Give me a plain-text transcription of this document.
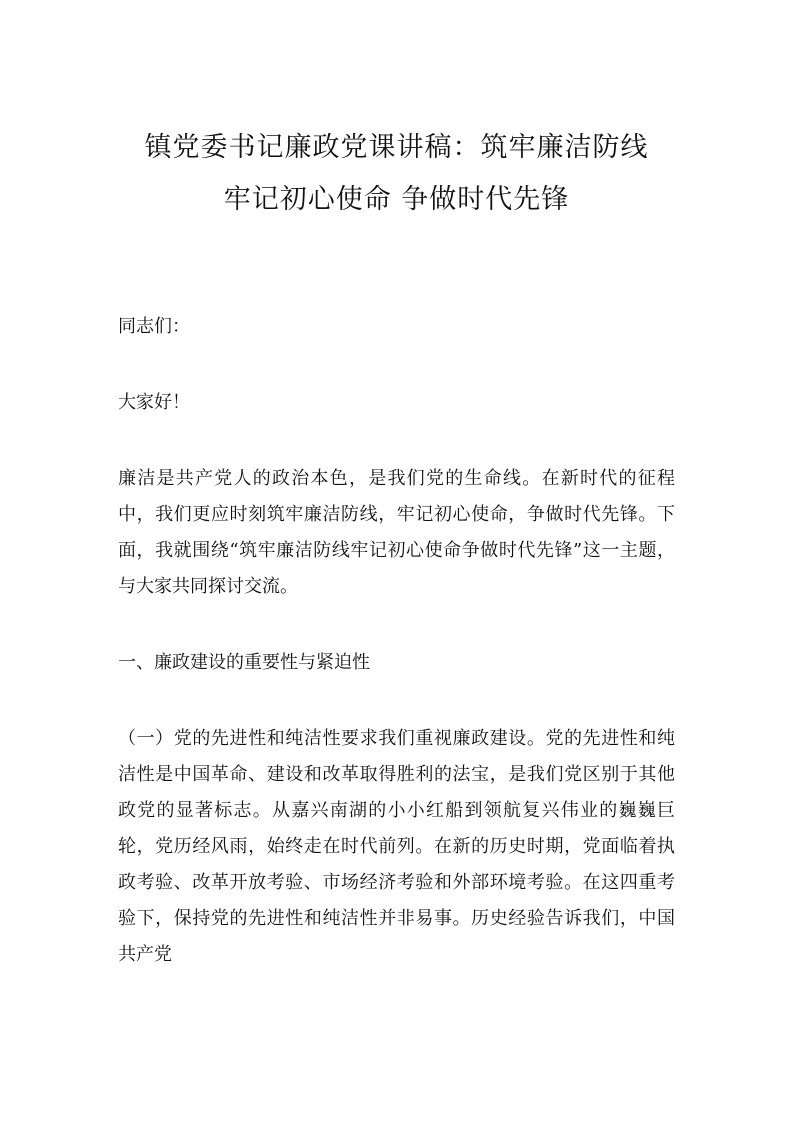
镇党委书记廉政党课讲稿：筑牢廉洁防线
牢记初心使命 争做时代先锋

同志们：

大家好！

廉洁是共产党人的政治本色，是我们党的生命线。在新时代的征程中，我们更应时刻筑牢廉洁防线，牢记初心使命，争做时代先锋。下面，我就围绕“筑牢廉洁防线牢记初心使命争做时代先锋”这一主题，与大家共同探讨交流。

一、廉政建设的重要性与紧迫性

（一）党的先进性和纯洁性要求我们重视廉政建设。党的先进性和纯洁性是中国革命、建设和改革取得胜利的法宝，是我们党区别于其他政党的显著标志。从嘉兴南湖的小小红船到领航复兴伟业的巍巍巨轮，党历经风雨，始终走在时代前列。在新的历史时期，党面临着执政考验、改革开放考验、市场经济考验和外部环境考验。在这四重考验下，保持党的先进性和纯洁性并非易事。历史经验告诉我们，中国共产党
